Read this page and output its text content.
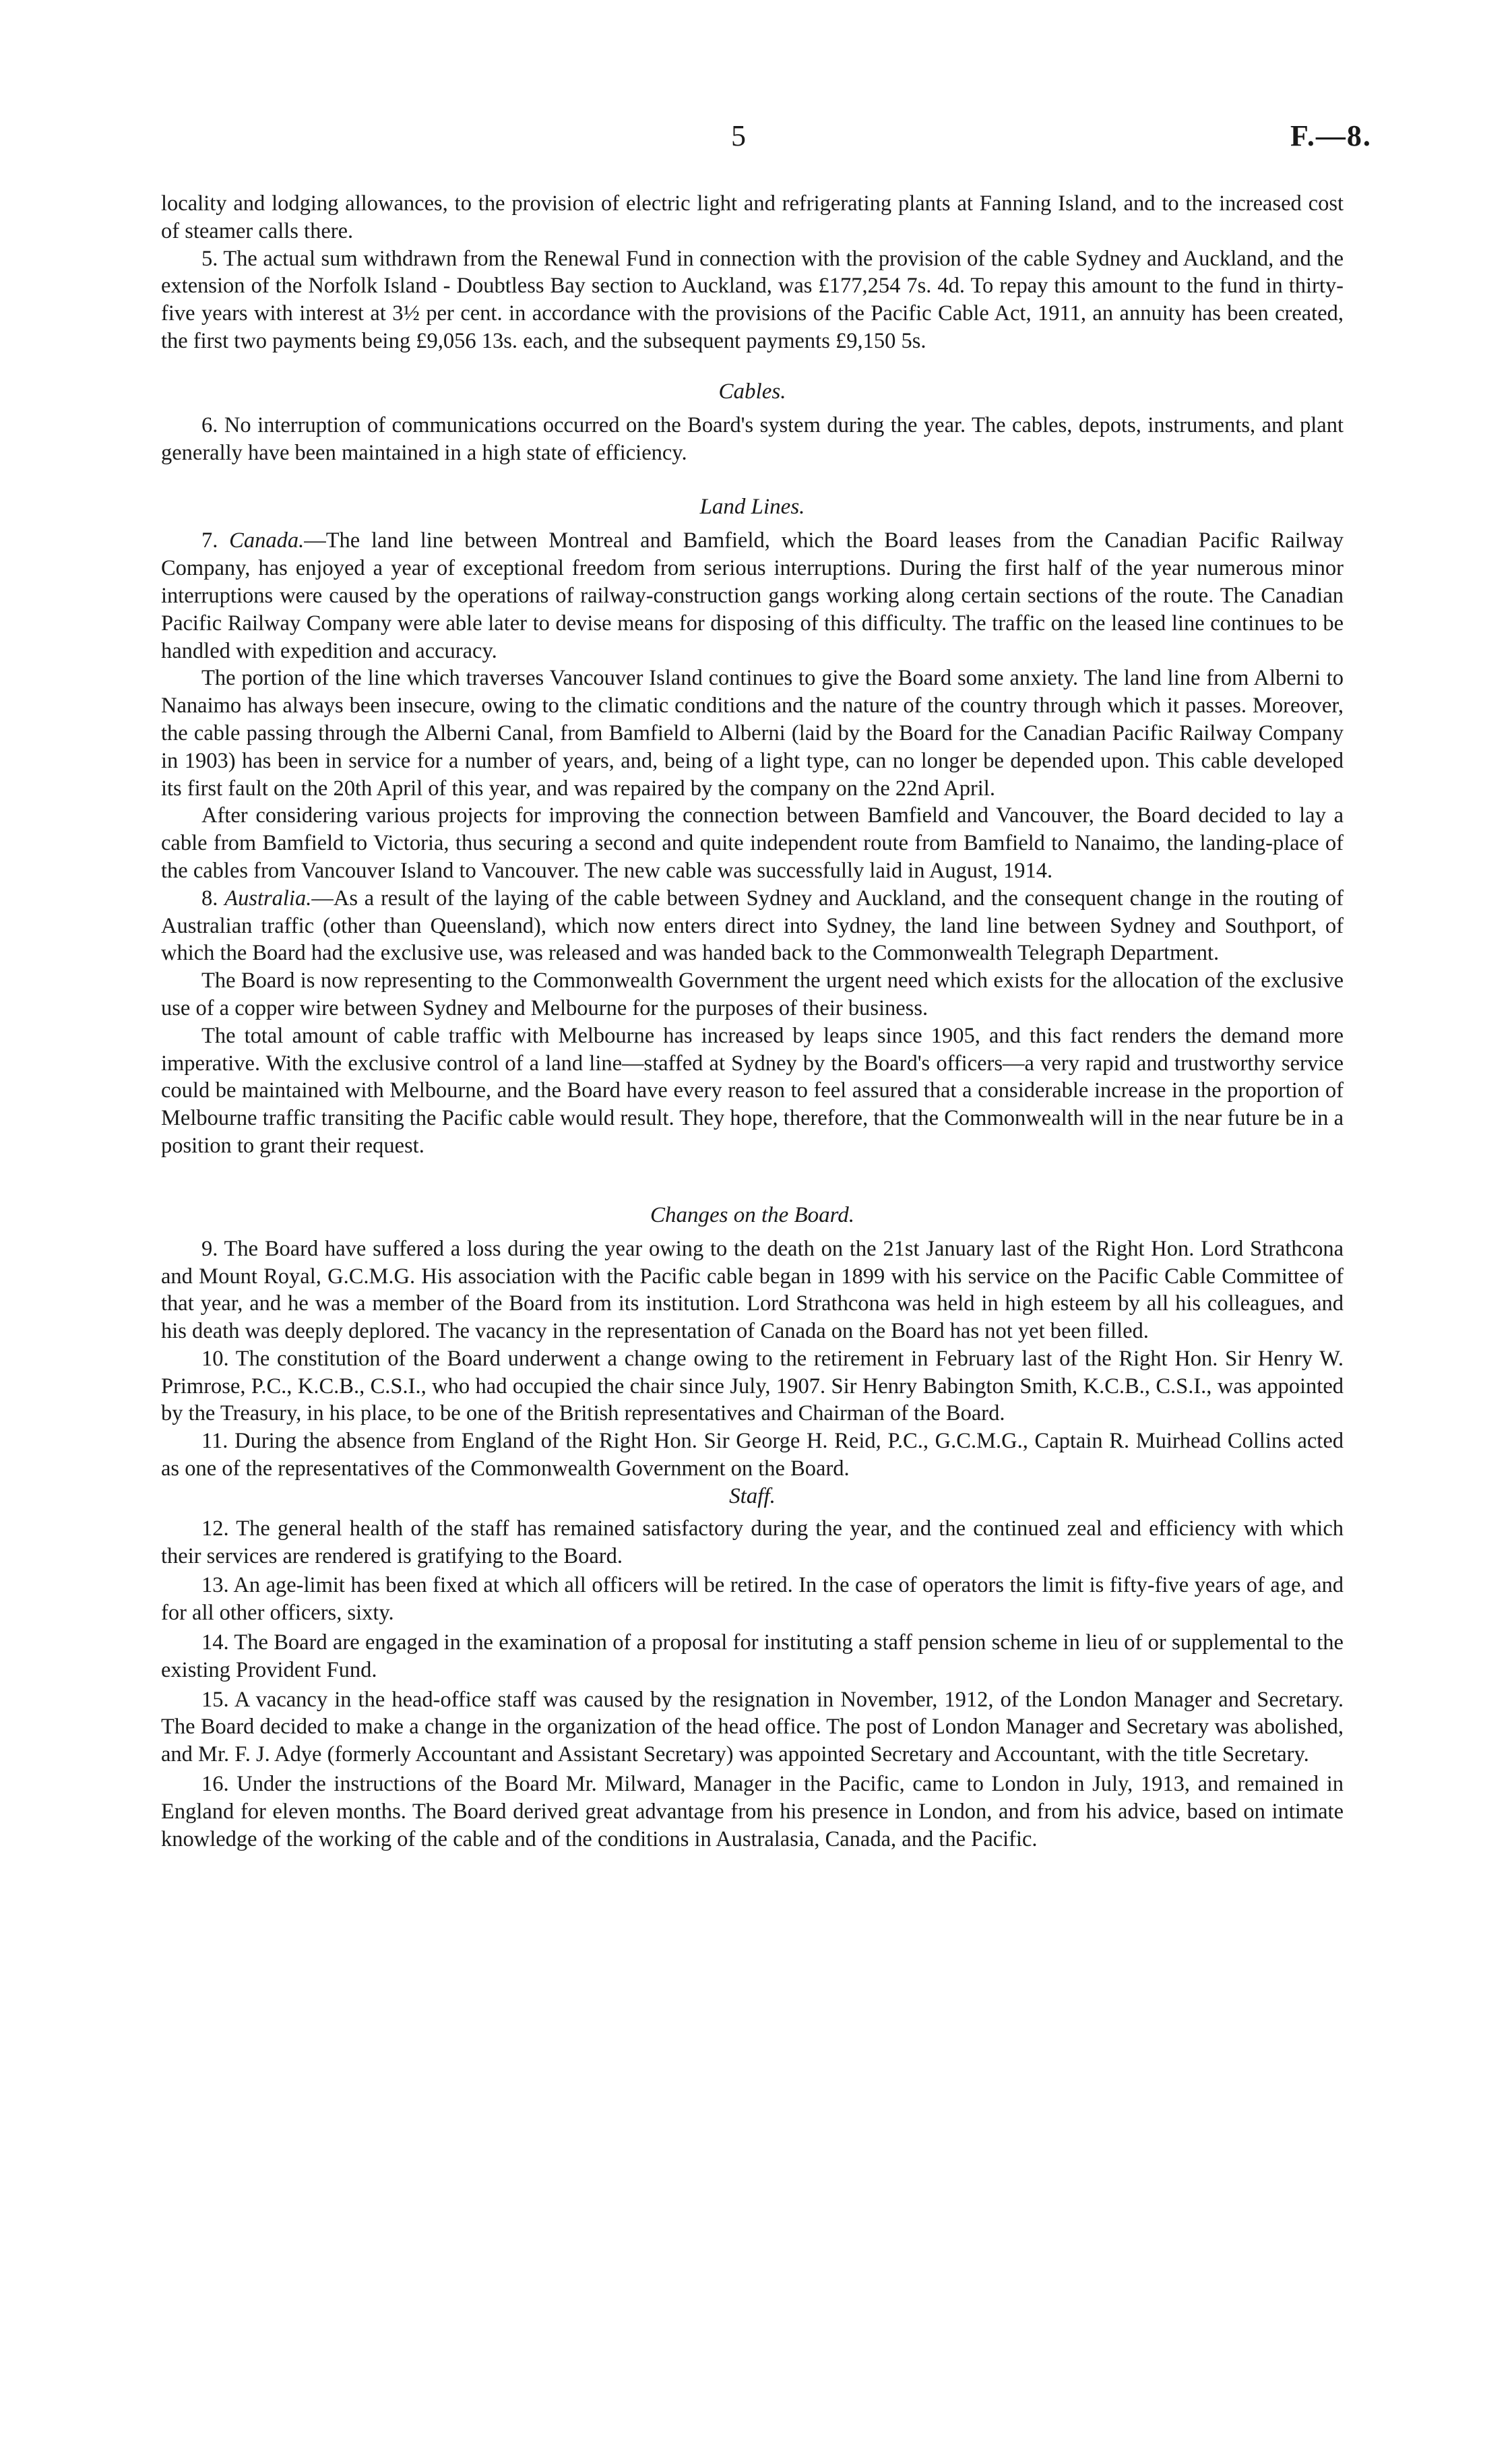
5	F.—8.

locality and lodging allowances, to the provision of electric light and refrigerating plants at Fanning Island, and to the increased cost of steamer calls there.

5. The actual sum withdrawn from the Renewal Fund in connection with the provision of the cable Sydney and Auckland, and the extension of the Norfolk Island - Doubtless Bay section to Auckland, was £177,254 7s. 4d. To repay this amount to the fund in thirty-five years with interest at 3½ per cent. in accordance with the provisions of the Pacific Cable Act, 1911, an annuity has been created, the first two payments being £9,056 13s. each, and the subsequent payments £9,150 5s.

Cables.

6. No interruption of communications occurred on the Board's system during the year. The cables, depots, instruments, and plant generally have been maintained in a high state of efficiency.

Land Lines.

7. Canada.—The land line between Montreal and Bamfield, which the Board leases from the Canadian Pacific Railway Company, has enjoyed a year of exceptional freedom from serious interruptions. During the first half of the year numerous minor interruptions were caused by the operations of railway-construction gangs working along certain sections of the route. The Canadian Pacific Railway Company were able later to devise means for disposing of this difficulty. The traffic on the leased line continues to be handled with expedition and accuracy.

The portion of the line which traverses Vancouver Island continues to give the Board some anxiety. The land line from Alberni to Nanaimo has always been insecure, owing to the climatic conditions and the nature of the country through which it passes. Moreover, the cable passing through the Alberni Canal, from Bamfield to Alberni (laid by the Board for the Canadian Pacific Railway Company in 1903) has been in service for a number of years, and, being of a light type, can no longer be depended upon. This cable developed its first fault on the 20th April of this year, and was repaired by the company on the 22nd April.

After considering various projects for improving the connection between Bamfield and Vancouver, the Board decided to lay a cable from Bamfield to Victoria, thus securing a second and quite independent route from Bamfield to Nanaimo, the landing-place of the cables from Vancouver Island to Vancouver. The new cable was successfully laid in August, 1914.

8. Australia.—As a result of the laying of the cable between Sydney and Auckland, and the consequent change in the routing of Australian traffic (other than Queensland), which now enters direct into Sydney, the land line between Sydney and Southport, of which the Board had the exclusive use, was released and was handed back to the Commonwealth Telegraph Department.

The Board is now representing to the Commonwealth Government the urgent need which exists for the allocation of the exclusive use of a copper wire between Sydney and Melbourne for the purposes of their business.

The total amount of cable traffic with Melbourne has increased by leaps since 1905, and this fact renders the demand more imperative. With the exclusive control of a land line—staffed at Sydney by the Board's officers—a very rapid and trustworthy service could be maintained with Melbourne, and the Board have every reason to feel assured that a considerable increase in the proportion of Melbourne traffic transiting the Pacific cable would result. They hope, therefore, that the Commonwealth will in the near future be in a position to grant their request.

Changes on the Board.

9. The Board have suffered a loss during the year owing to the death on the 21st January last of the Right Hon. Lord Strathcona and Mount Royal, G.C.M.G. His association with the Pacific cable began in 1899 with his service on the Pacific Cable Committee of that year, and he was a member of the Board from its institution. Lord Strathcona was held in high esteem by all his colleagues, and his death was deeply deplored. The vacancy in the representation of Canada on the Board has not yet been filled.

10. The constitution of the Board underwent a change owing to the retirement in February last of the Right Hon. Sir Henry W. Primrose, P.C., K.C.B., C.S.I., who had occupied the chair since July, 1907. Sir Henry Babington Smith, K.C.B., C.S.I., was appointed by the Treasury, in his place, to be one of the British representatives and Chairman of the Board.

11. During the absence from England of the Right Hon. Sir George H. Reid, P.C., G.C.M.G., Captain R. Muirhead Collins acted as one of the representatives of the Commonwealth Government on the Board.

Staff.

12. The general health of the staff has remained satisfactory during the year, and the continued zeal and efficiency with which their services are rendered is gratifying to the Board.

13. An age-limit has been fixed at which all officers will be retired. In the case of operators the limit is fifty-five years of age, and for all other officers, sixty.

14. The Board are engaged in the examination of a proposal for instituting a staff pension scheme in lieu of or supplemental to the existing Provident Fund.

15. A vacancy in the head-office staff was caused by the resignation in November, 1912, of the London Manager and Secretary. The Board decided to make a change in the organization of the head office. The post of London Manager and Secretary was abolished, and Mr. F. J. Adye (formerly Accountant and Assistant Secretary) was appointed Secretary and Accountant, with the title Secretary.

16. Under the instructions of the Board Mr. Milward, Manager in the Pacific, came to London in July, 1913, and remained in England for eleven months. The Board derived great advantage from his presence in London, and from his advice, based on intimate knowledge of the working of the cable and of the conditions in Australasia, Canada, and the Pacific.
